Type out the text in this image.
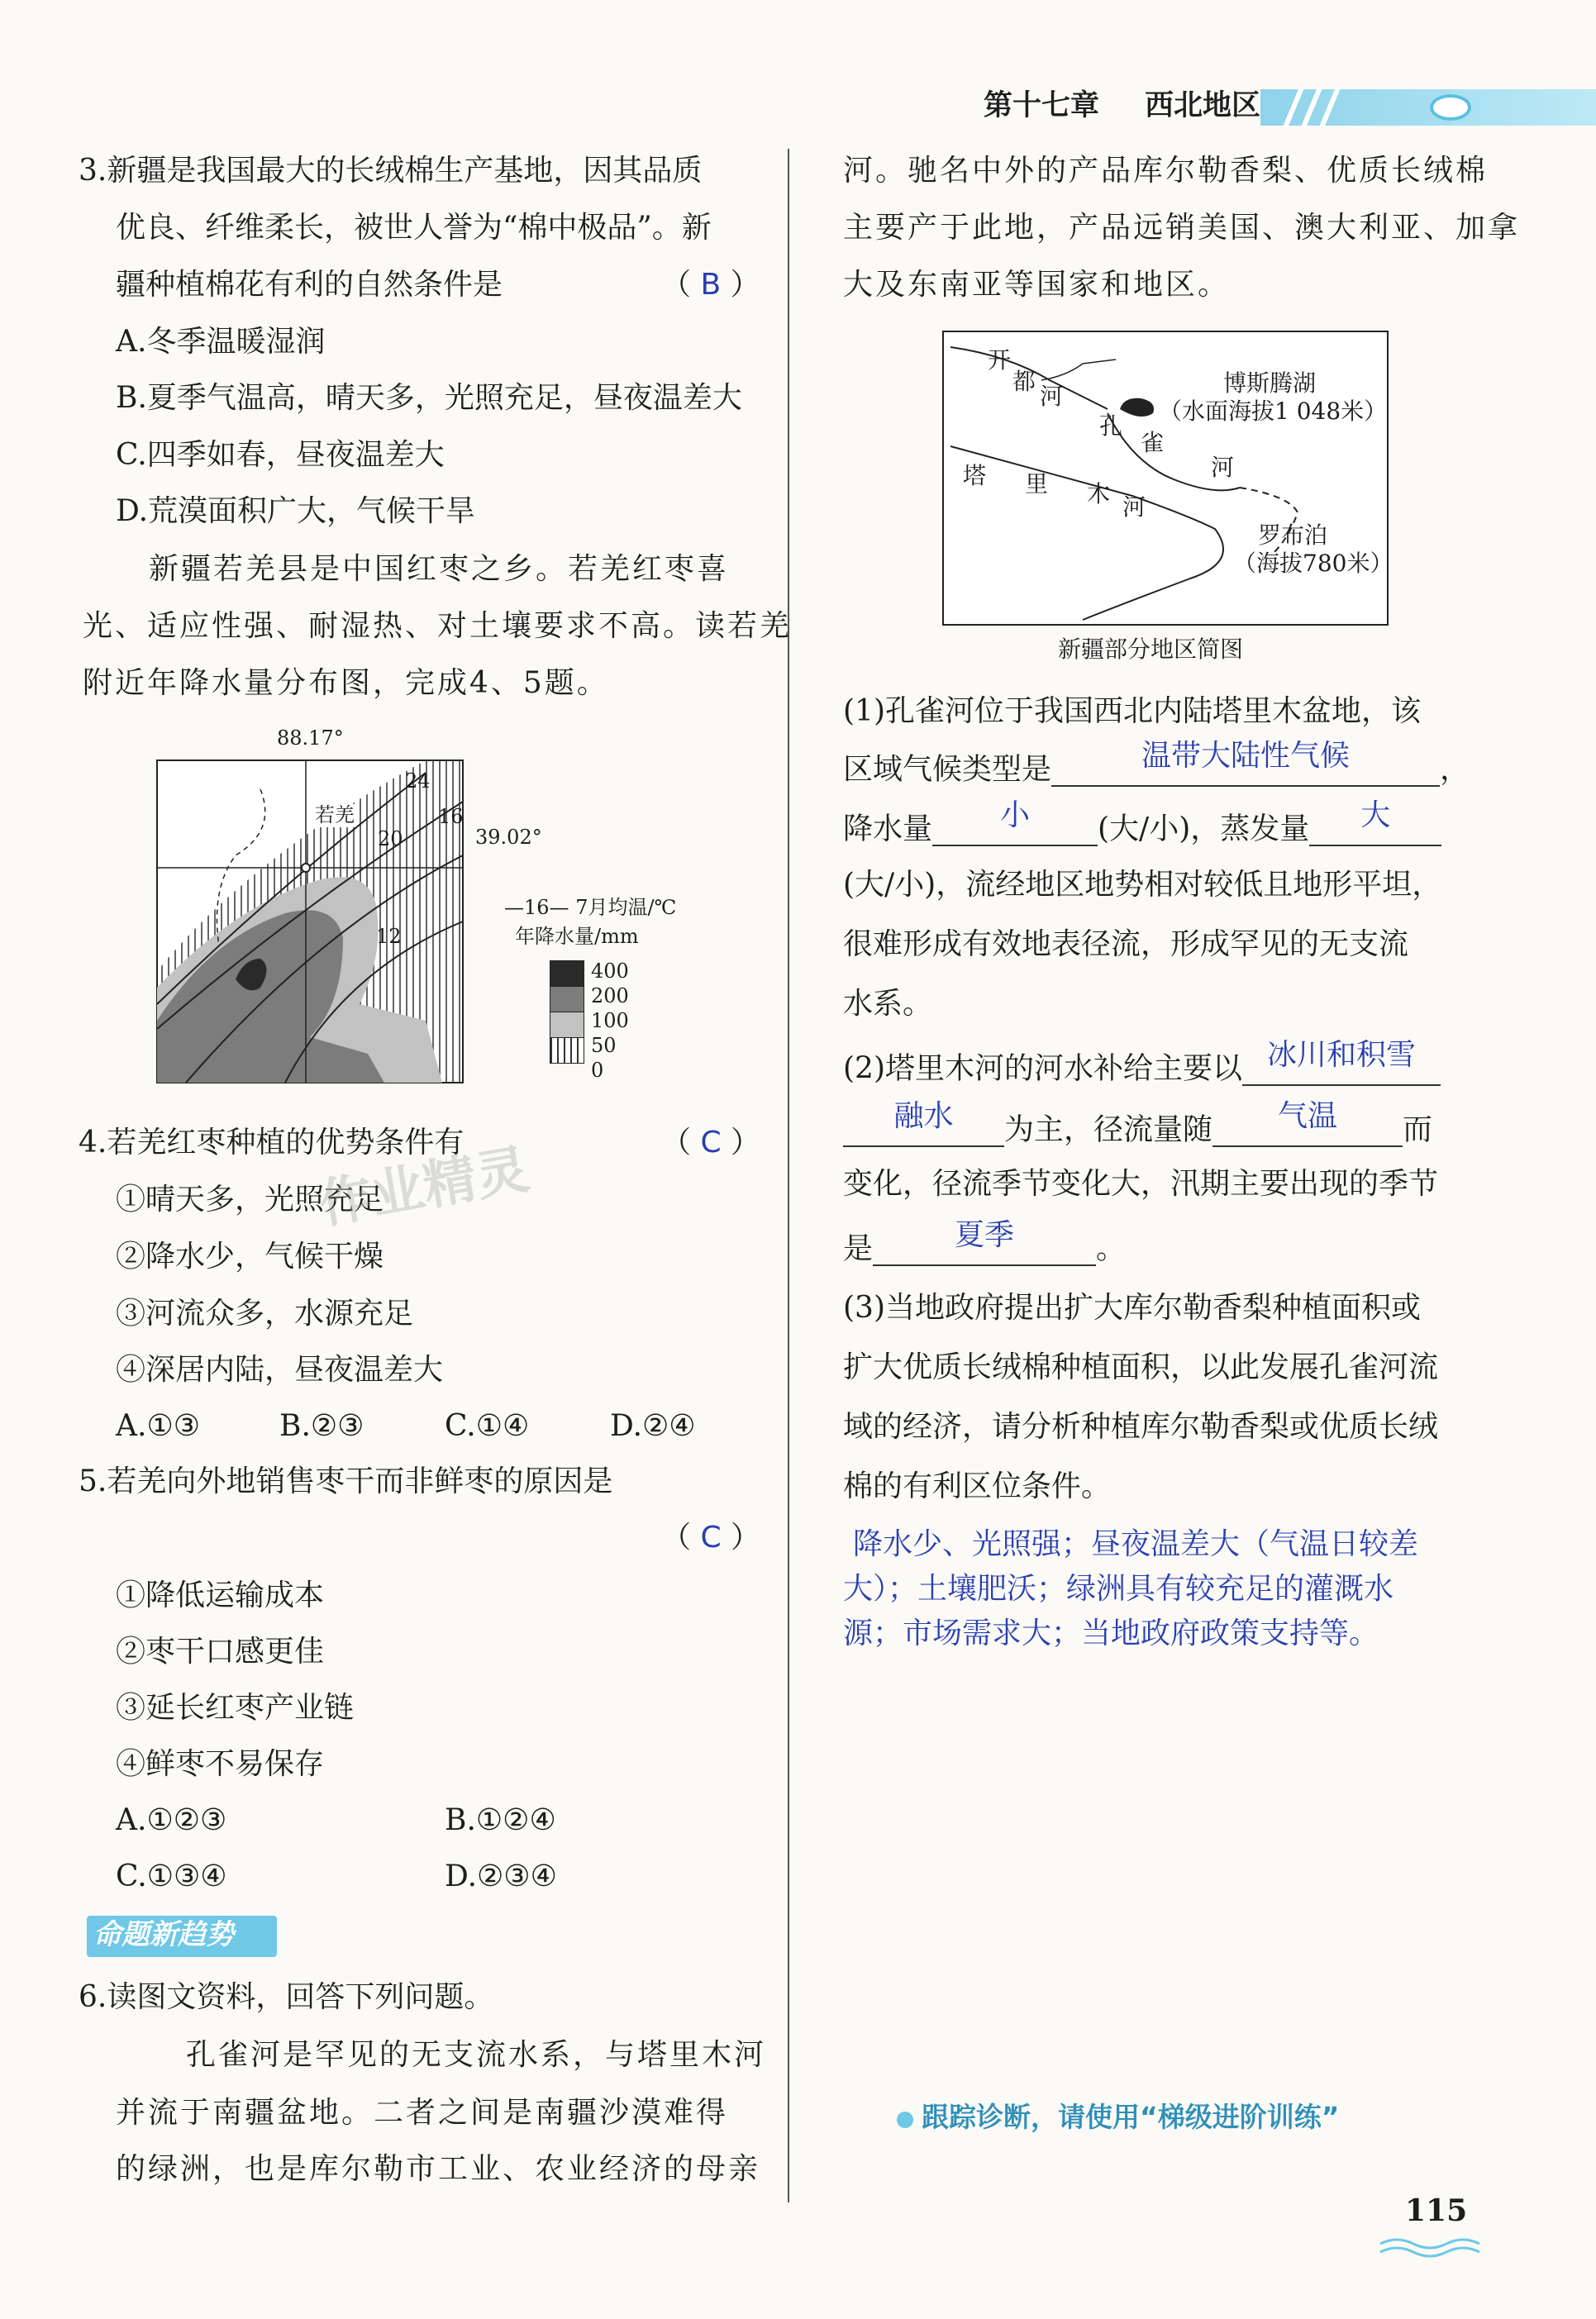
第十七章 西北地区
3.新疆是我国最大的长绒棉生产基地，因其品质
优良、纤维柔长，被世人誉为“棉中极品”。新
疆种植棉花有利的自然条件是	（ B ）
A.冬季温暖湿润
B.夏季气温高，晴天多，光照充足，昼夜温差大
C.四季如春，昼夜温差大
D.荒漠面积广大，气候干旱
新疆若羌县是中国红枣之乡。若羌红枣喜
光、适应性强、耐湿热、对土壤要求不高。读若羌
附近年降水量分布图，完成4、5题。
88.17°
39.02°
若羌
24
20
16
12
—16— 7月均温/℃
年降水量/mm
400
200
100
50
0
4.若羌红枣种植的优势条件有	（ C ）
①晴天多，光照充足
②降水少，气候干燥
③河流众多，水源充足
④深居内陆，昼夜温差大
A.①③	B.②③	C.①④	D.②④
5.若羌向外地销售枣干而非鲜枣的原因是
（ C ）
①降低运输成本
②枣干口感更佳
③延长红枣产业链
④鲜枣不易保存
A.①②③	B.①②④
C.①③④	D.②③④
命题新趋势
6.读图文资料，回答下列问题。
孔雀河是罕见的无支流水系，与塔里木河
并流于南疆盆地。二者之间是南疆沙漠难得
的绿洲，也是库尔勒市工业、农业经济的母亲
河。驰名中外的产品库尔勒香梨、优质长绒棉
主要产于此地，产品远销美国、澳大利亚、加拿
大及东南亚等国家和地区。
开
都
河	博斯腾湖
（水面海拔1 048米）
孔
雀
河
塔 里 木 河
罗布泊
（海拔780米）
新疆部分地区简图
(1)孔雀河位于我国西北内陆塔里木盆地，该
区域气候类型是	温带大陆性气候	，
降水量 小 (大/小)，蒸发量 大
(大/小)，流经地区地势相对较低且地形平坦，
很难形成有效地表径流，形成罕见的无支流
水系。
(2)塔里木河的河水补给主要以 冰川和积雪
融水 为主，径流量随 气温 而
变化，径流季节变化大，汛期主要出现的季节
是	夏季	。
(3)当地政府提出扩大库尔勒香梨种植面积或
扩大优质长绒棉种植面积，以此发展孔雀河流
域的经济，请分析种植库尔勒香梨或优质长绒
棉的有利区位条件。
降水少、光照强；昼夜温差大（气温日较差
大）；土壤肥沃；绿洲具有较充足的灌溉水
源；市场需求大；当地政府政策支持等。
跟踪诊断，请使用“梯级进阶训练”
115
作业精灵
